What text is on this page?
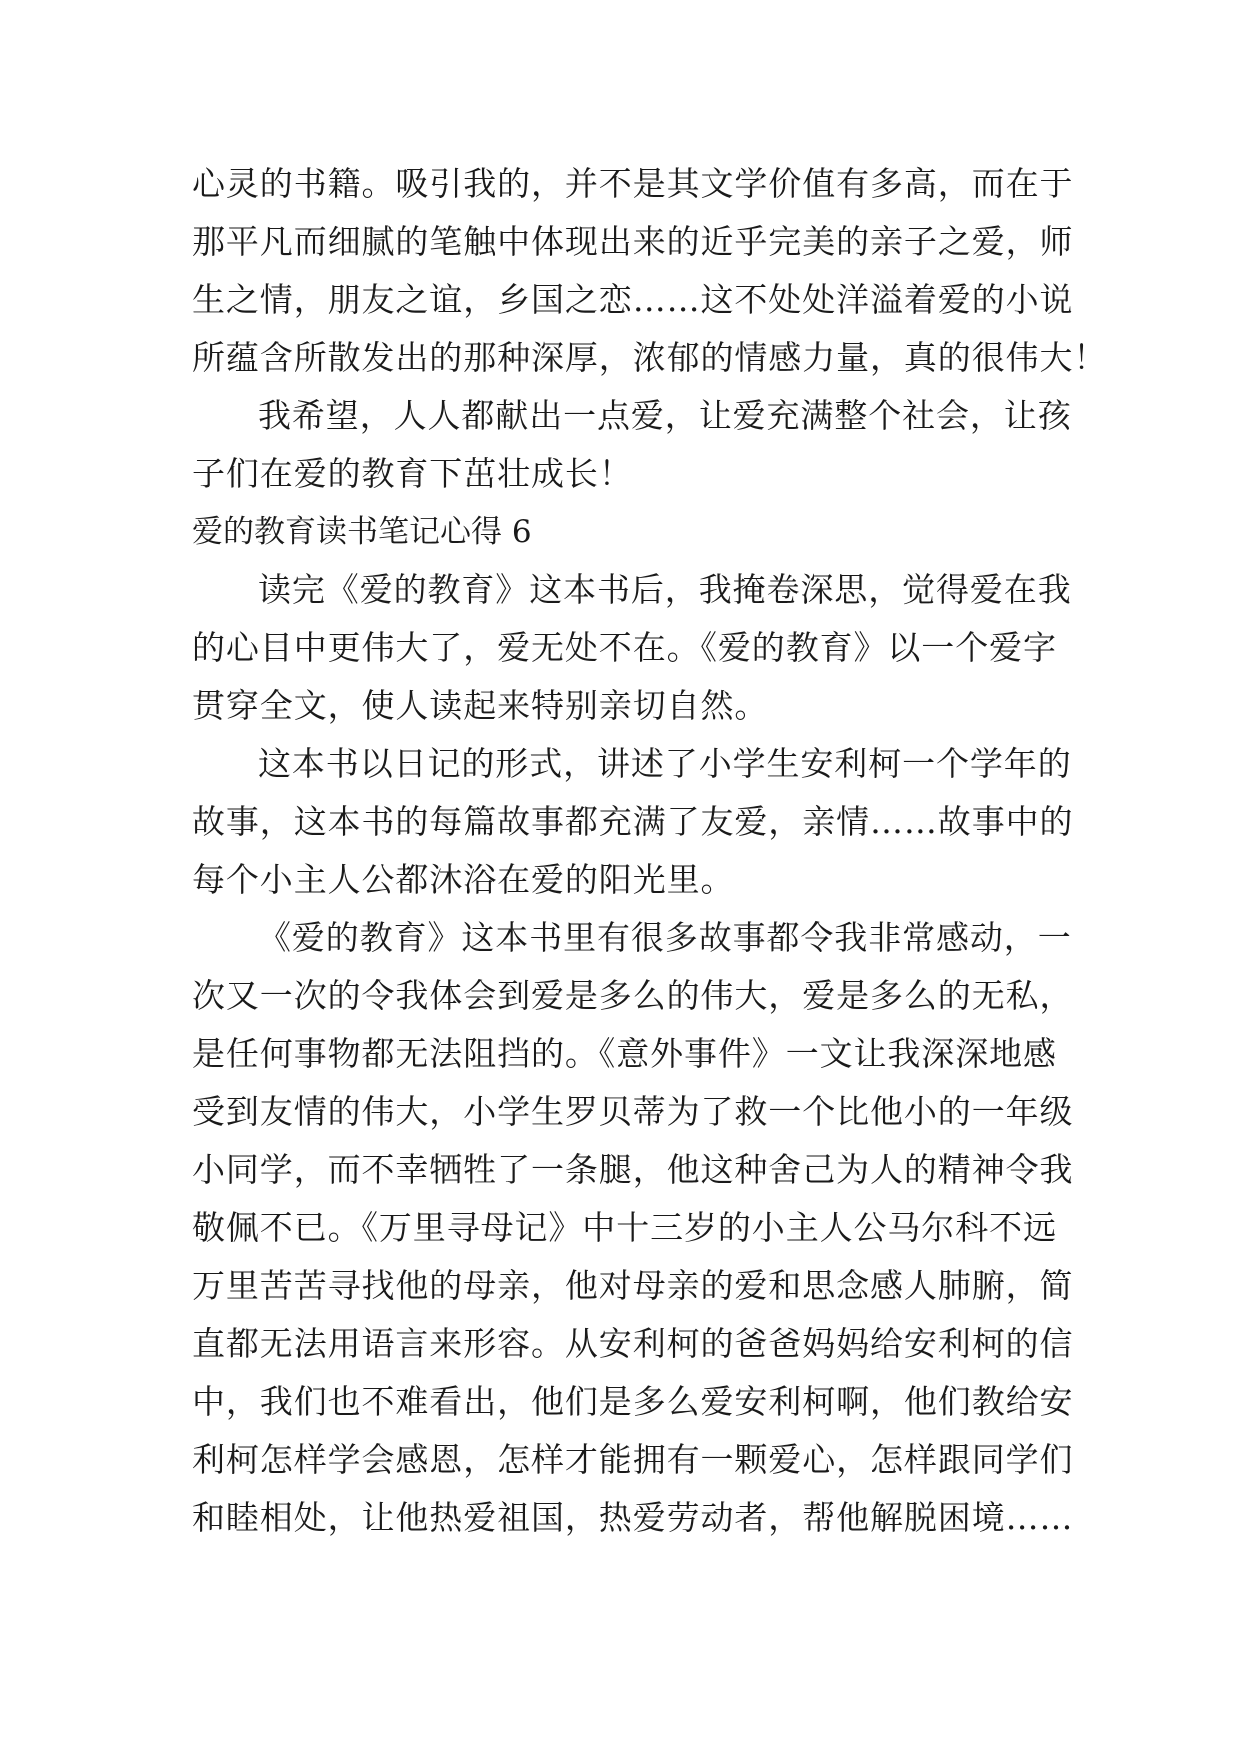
心灵的书籍。吸引我的，并不是其文学价值有多高，而在于
那平凡而细腻的笔触中体现出来的近乎完美的亲子之爱，师
生之情，朋友之谊，乡国之恋……这不处处洋溢着爱的小说
所蕴含所散发出的那种深厚，浓郁的情感力量，真的很伟大！
我希望，人人都献出一点爱，让爱充满整个社会，让孩
子们在爱的教育下茁壮成长！
爱的教育读书笔记心得 6
读完《爱的教育》这本书后，我掩卷深思，觉得爱在我
的心目中更伟大了，爱无处不在。《爱的教育》以一个爱字
贯穿全文，使人读起来特别亲切自然。
这本书以日记的形式，讲述了小学生安利柯一个学年的
故事，这本书的每篇故事都充满了友爱，亲情……故事中的
每个小主人公都沐浴在爱的阳光里。
《爱的教育》这本书里有很多故事都令我非常感动，一
次又一次的令我体会到爱是多么的伟大，爱是多么的无私，
是任何事物都无法阻挡的。《意外事件》一文让我深深地感
受到友情的伟大，小学生罗贝蒂为了救一个比他小的一年级
小同学，而不幸牺牲了一条腿，他这种舍己为人的精神令我
敬佩不已。《万里寻母记》中十三岁的小主人公马尔科不远
万里苦苦寻找他的母亲，他对母亲的爱和思念感人肺腑，简
直都无法用语言来形容。从安利柯的爸爸妈妈给安利柯的信
中，我们也不难看出，他们是多么爱安利柯啊，他们教给安
利柯怎样学会感恩，怎样才能拥有一颗爱心，怎样跟同学们
和睦相处，让他热爱祖国，热爱劳动者，帮他解脱困境……
